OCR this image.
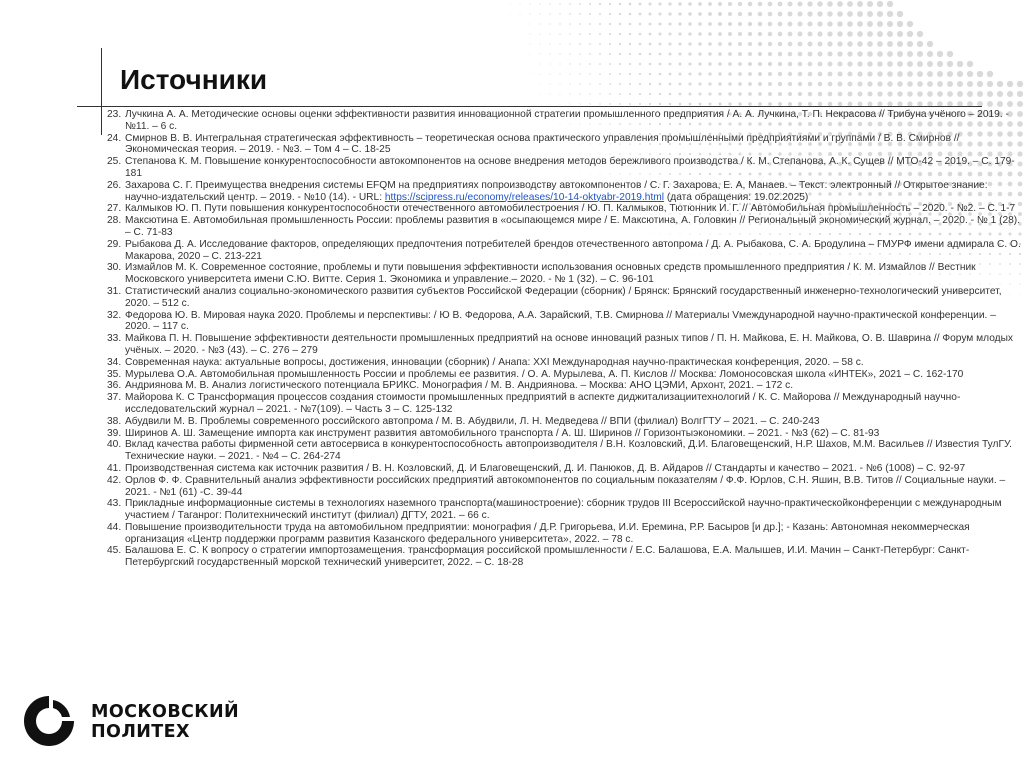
Источники
23. Лучкина А. А. Методические основы оценки эффективности развития инновационной стратегии промышленного предприятия / А. А. Лучкина, Т. П. Некрасова // Трибуна учёного – 2019. - №11. – 6 с.
24. Смирнов В. В. Интегральная стратегическая эффективность – теоретическая основа практического управления промышленными предприятиями и группами / В. В. Смирнов // Экономическая теория. – 2019. - №3. – Том 4 – С. 18-25
25. Степанова К. М. Повышение конкурентоспособности автокомпонентов на основе внедрения методов бережливого производства / К. М. Степанова, А. К. Сущев // МТО-42 – 2019. – С. 179-181
26. Захарова С. Г. Преимущества внедрения системы EFQM на предприятиях попроизводству автокомпонентов / С. Г. Захарова, Е. А, Манаев. – Текст: электронный // Открытое знание: научно-издательский центр. – 2019. - №10 (14). - URL: https://scipress.ru/economy/releases/10-14-oktyabr-2019.html (дата обращения: 19.02.2025)
27. Калмыков Ю. П. Пути повышения конкурентоспособности отечественного автомобилестроения / Ю. П. Калмыков, Тютюнник И. Г. // Автомобильная промышленность – 2020. - №2. – С. 1-7
28. Максютина Е. Автомобильная промышленность России: проблемы развития в «осыпающемся мире / Е. Максютина, А. Головкин // Региональный экономический журнал. – 2020. - № 1 (28). – С. 71-83
29. Рыбакова Д. А. Исследование факторов, определяющих предпочтения потребителей брендов отечественного автопрома / Д. А. Рыбакова, С. А. Бродулина – ГМУРФ имени адмирала С. О. Макарова, 2020 – С. 213-221
30. Измайлов М. К. Современное состояние, проблемы и пути повышения эффективности использования основных средств промышленного предприятия / К. М. Измайлов // Вестник Московского университета имени С.Ю. Витте. Серия 1. Экономика и управление.– 2020. - № 1 (32). – С. 96-101
31. Статистический анализ социально-экономического развития субъектов Российской Федерации (сборник) / Брянск: Брянский государственный инженерно-технологический университет, 2020. – 512 с.
32. Федорова Ю. В. Мировая наука 2020. Проблемы и перспективы: / Ю В. Федорова, А.А. Зарайский, Т.В. Смирнова // Материалы Vмеждународной научно-практической конференции. – 2020. – 117 с.
33. Майкова П. Н. Повышение эффективности деятельности промышленных предприятий на основе инноваций разных типов / П. Н. Майкова, Е. Н. Майкова, О. В. Шаврина // Форум млодых учёных. – 2020. - №3 (43). – С. 276 – 279
34. Современная наука: актуальные вопросы, достижения, инновации (сборник) / Анапа: XXI Международная научно-практическая конференция, 2020. – 58 с.
35. Мурылева О.А. Автомобильная промышленность России и проблемы ее развития. / О. А. Мурылева, А. П. Кислов // Москва: Ломоносовская школа «ИНТЕК», 2021 – С. 162-170
36. Андриянова М. В. Анализ логистического потенциала БРИКС. Монография / М. В. Андриянова. – Москва: АНО ЦЭМИ, Архонт, 2021. – 172 с.
37. Майорова К. С Трансформация процессов создания стоимости промышленных предприятий в аспекте диджитализациитехнологий / К. С. Майорова // Международный научно-исследовательский журнал – 2021. - №7(109). – Часть 3 – С. 125-132
38. Абудвили М. В. Проблемы современного российского автопрома / М. В. Абудвили, Л. Н. Медведева // ВПИ (филиал) ВолгГТУ – 2021. – С. 240-243
39. Ширинов А. Ш. Замещение импорта как инструмент развития автомобильного транспорта / А. Ш. Ширинов // Горизонтыэкономики. – 2021. - №3 (62) – С. 81-93
40. Вклад качества работы фирменной сети автосервиса в конкурентоспособность автопроизводителя / В.Н. Козловский, Д.И. Благовещенский, Н.Р. Шахов, М.М. Васильев // Известия ТулГУ. Технические науки. – 2021. - №4 – С. 264-274
41. Производственная система как источник развития / В. Н. Козловский, Д. И Благовещенский, Д. И. Панюков, Д. В. Айдаров // Стандарты и качество – 2021. - №6 (1008) – С. 92-97
42. Орлов Ф. Ф. Сравнительный анализ эффективности российских предприятий автокомпонентов по социальным показателям / Ф.Ф. Юрлов, С.Н. Яшин, В.В. Титов // Социальные науки. – 2021. - №1 (61) -С. 39-44
43. Прикладные информационные системы в технологиях наземного транспорта(машиностроение): сборник трудов III Всероссийской научно-практическойконференции с международным участием / Таганрог: Политехнический институт (филиал) ДГТУ, 2021. – 66 с.
44. Повышение производительности труда на автомобильном предприятии: монография / Д.Р. Григорьева, И.И. Еремина, Р.Р. Басыров [и др.]; - Казань: Автономная некоммерческая организация «Центр поддержки программ развития Казанского федерального университета», 2022. – 78 с.
45. Балашова Е. С. К вопросу о стратегии импортозамещения. трансформация российской промышленности / Е.С. Балашова, Е.А. Малышев, И.И. Мачин – Санкт-Петербург: Санкт-Петербургский государственный морской технический университет, 2022. – С. 18-28
МОСКОВСКИЙ
ПОЛИТЕХ
